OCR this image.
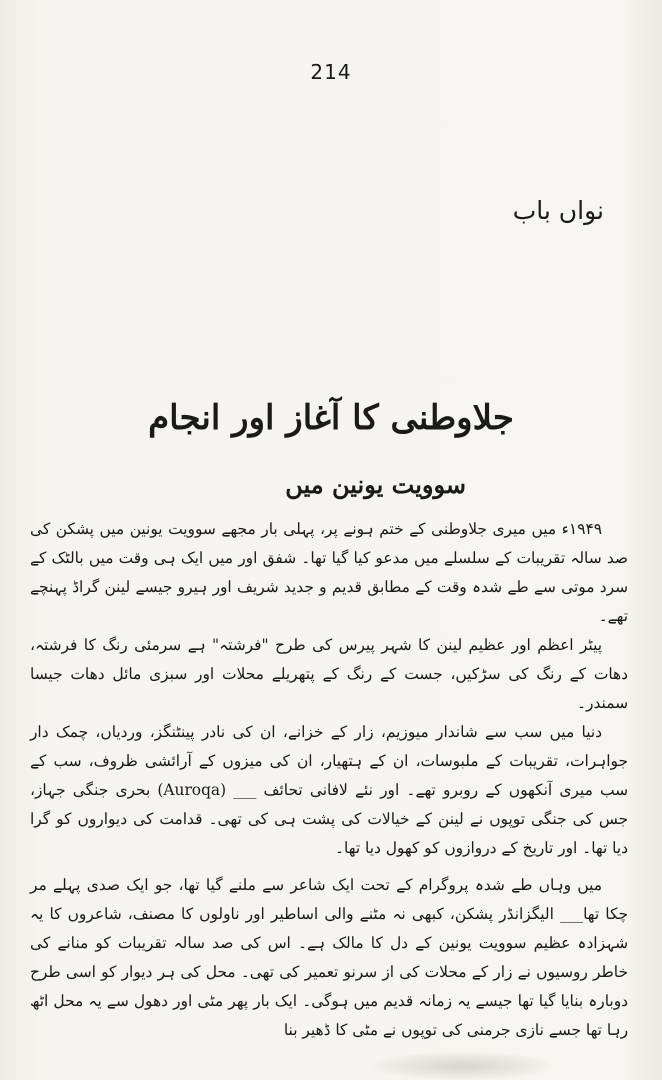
214
نواں باب
جلاوطنی کا آغاز اور انجام
سوویت یونین میں

۱۹۴۹ء میں میری جلاوطنی کے ختم ہونے پر، پہلی بار مجھے سوویت یونین میں پشکن کی صد سالہ تقریبات کے سلسلے میں مدعو کیا گیا تھا۔ شفق اور میں ایک ہی وقت میں بالٹک کے سرد موتی سے طے شدہ وقت کے مطابق قدیم و جدید شریف اور ہیرو جیسے لینن گراڈ پہنچے تھے۔

پیٹر اعظم اور عظیم لینن کا شہر پیرس کی طرح "فرشتہ" ہے سرمئی رنگ کا فرشتہ، دھات کے رنگ کی سڑکیں، جست کے رنگ کے پتھریلے محلات اور سبزی مائل دھات جیسا سمندر۔

دنیا میں سب سے شاندار میوزیم، زار کے خزانے، ان کی نادر پینٹنگز، وردیاں، چمک دار جواہرات، تقریبات کے ملبوسات، ان کے ہتھیار، ان کی میزوں کے آرائشی ظروف، سب کے سب میری آنکھوں کے روبرو تھے۔ اور نئے لافانی تحائف ___ (Auroqa) بحری جنگی جہاز، جس کی جنگی توپوں نے لینن کے خیالات کی پشت ہی کی تھی۔ قدامت کی دیواروں کو گرا دیا تھا۔ اور تاریخ کے دروازوں کو کھول دیا تھا۔

میں وہاں طے شدہ پروگرام کے تحت ایک شاعر سے ملنے گیا تھا، جو ایک صدی پہلے مر چکا تھا___ الیگزانڈر پشکن، کبھی نہ مٹنے والی اساطیر اور ناولوں کا مصنف، شاعروں کا یہ شہزادہ عظیم سوویت یونین کے دل کا مالک ہے۔ اس کی صد سالہ تقریبات کو منانے کی خاطر روسیوں نے زار کے محلات کی از سرنو تعمیر کی تھی۔ محل کی ہر دیوار کو اسی طرح دوبارہ بنایا گیا تھا جیسے یہ زمانہ قدیم میں ہوگی۔ ایک بار پھر مٹی اور دھول سے یہ محل اٹھ رہا تھا جسے نازی جرمنی کی توپوں نے مٹی کا ڈھیر بنا
